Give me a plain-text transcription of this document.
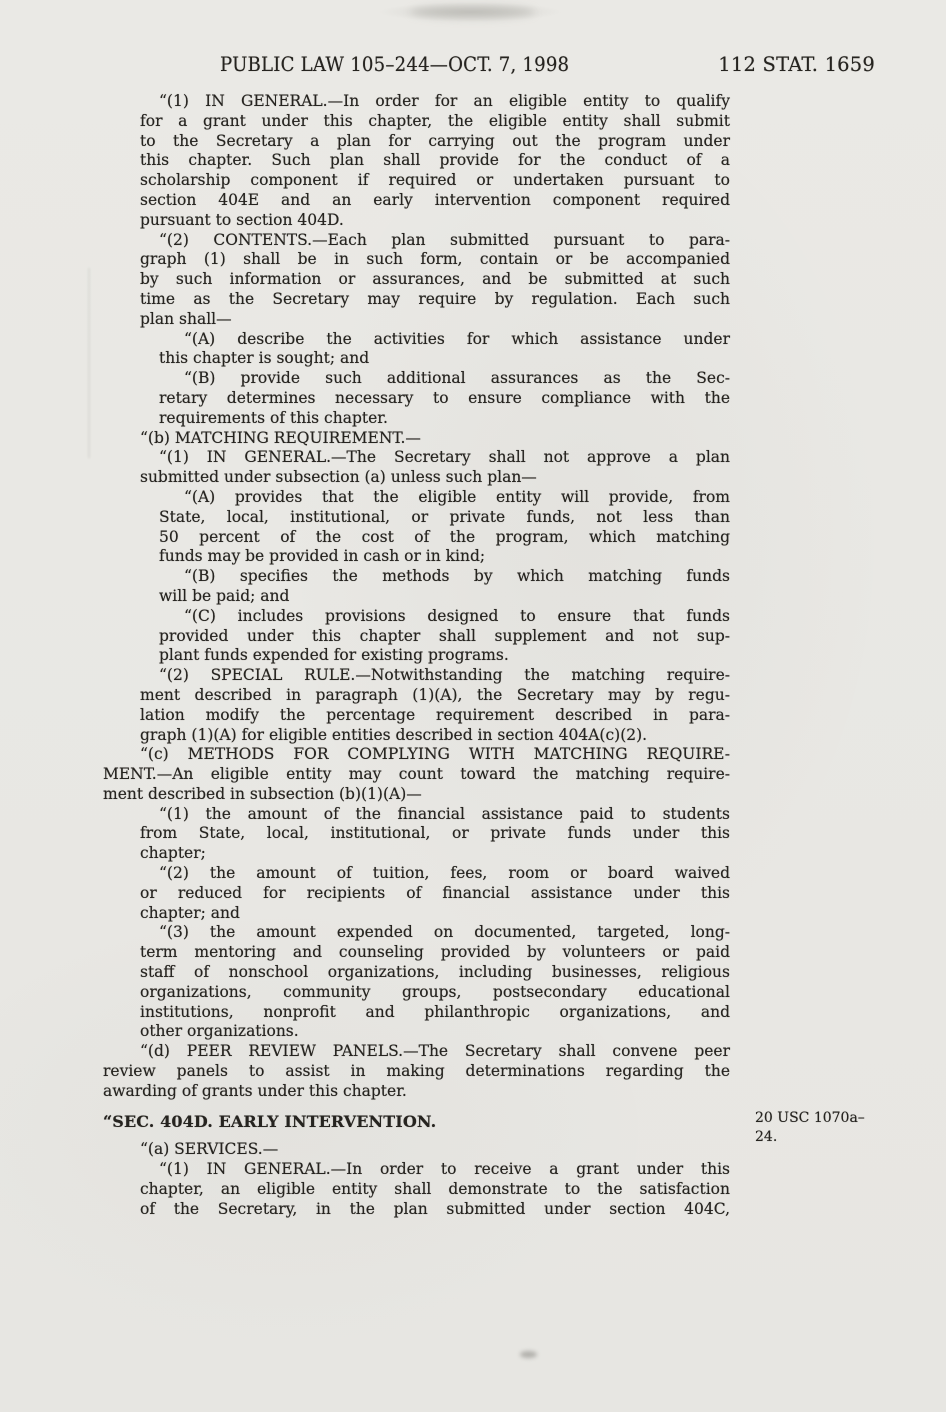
PUBLIC LAW 105–244—OCT. 7, 1998	112 STAT. 1659
“(1) IN GENERAL.—In order for an eligible entity to qualify
for a grant under this chapter, the eligible entity shall submit
to the Secretary a plan for carrying out the program under
this chapter. Such plan shall provide for the conduct of a
scholarship component if required or undertaken pursuant to
section 404E and an early intervention component required
pursuant to section 404D.
“(2) CONTENTS.—Each plan submitted pursuant to para-
graph (1) shall be in such form, contain or be accompanied
by such information or assurances, and be submitted at such
time as the Secretary may require by regulation. Each such
plan shall—
“(A) describe the activities for which assistance under
this chapter is sought; and
“(B) provide such additional assurances as the Sec-
retary determines necessary to ensure compliance with the
requirements of this chapter.
“(b) MATCHING REQUIREMENT.—
“(1) IN GENERAL.—The Secretary shall not approve a plan
submitted under subsection (a) unless such plan—
“(A) provides that the eligible entity will provide, from
State, local, institutional, or private funds, not less than
50 percent of the cost of the program, which matching
funds may be provided in cash or in kind;
“(B) specifies the methods by which matching funds
will be paid; and
“(C) includes provisions designed to ensure that funds
provided under this chapter shall supplement and not sup-
plant funds expended for existing programs.
“(2) SPECIAL RULE.—Notwithstanding the matching require-
ment described in paragraph (1)(A), the Secretary may by regu-
lation modify the percentage requirement described in para-
graph (1)(A) for eligible entities described in section 404A(c)(2).
“(c) METHODS FOR COMPLYING WITH MATCHING REQUIRE-
MENT.—An eligible entity may count toward the matching require-
ment described in subsection (b)(1)(A)—
“(1) the amount of the financial assistance paid to students
from State, local, institutional, or private funds under this
chapter;
“(2) the amount of tuition, fees, room or board waived
or reduced for recipients of financial assistance under this
chapter; and
“(3) the amount expended on documented, targeted, long-
term mentoring and counseling provided by volunteers or paid
staff of nonschool organizations, including businesses, religious
organizations, community groups, postsecondary educational
institutions, nonprofit and philanthropic organizations, and
other organizations.
“(d) PEER REVIEW PANELS.—The Secretary shall convene peer
review panels to assist in making determinations regarding the
awarding of grants under this chapter.
“SEC. 404D. EARLY INTERVENTION.
“(a) SERVICES.—
“(1) IN GENERAL.—In order to receive a grant under this
chapter, an eligible entity shall demonstrate to the satisfaction
of the Secretary, in the plan submitted under section 404C,
20 USC 1070a–
24.
